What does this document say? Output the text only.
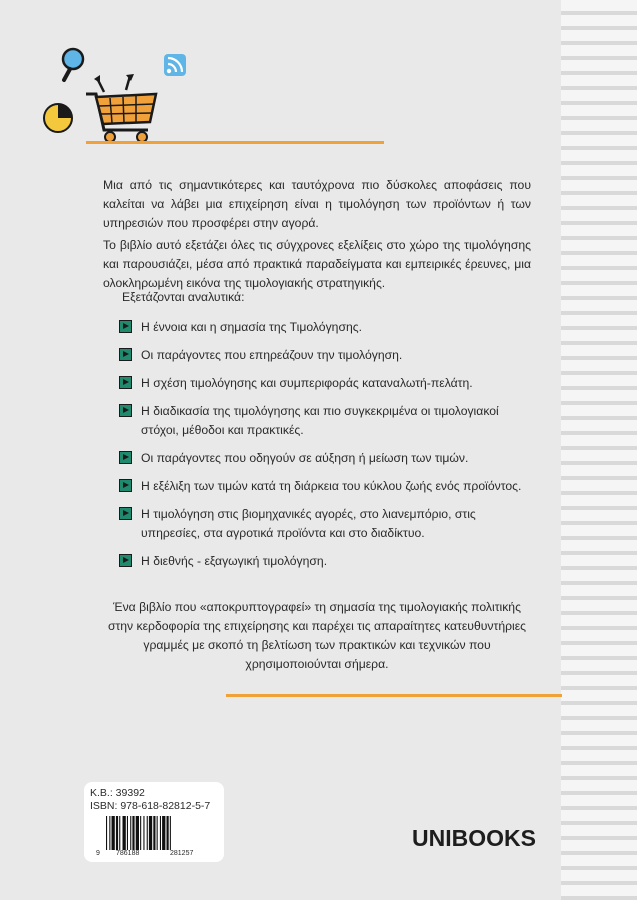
Μια από τις σημαντικότερες και ταυτόχρονα πιο δύσκολες αποφάσεις που καλείται να λάβει μια επιχείρηση είναι η τιμολόγηση των προϊόντων ή των υπηρεσιών που προσφέρει στην αγορά.

Το βιβλίο αυτό εξετάζει όλες τις σύγχρονες εξελίξεις στο χώρο της τιμολόγησης και παρουσιάζει, μέσα από πρακτικά παραδείγματα και εμπειρικές έρευνες, μια ολοκληρωμένη εικόνα της τιμολογιακής στρατηγικής.

Εξετάζονται αναλυτικά:
Η έννοια και η σημασία της Τιμολόγησης.
Οι παράγοντες που επηρεάζουν την τιμολόγηση.
Η σχέση τιμολόγησης και συμπεριφοράς καταναλωτή-πελάτη.
Η διαδικασία της τιμολόγησης και πιο συγκεκριμένα οι τιμολογιακοί στόχοι, μέθοδοι και πρακτικές.
Οι παράγοντες που οδηγούν σε αύξηση ή μείωση των τιμών.
Η εξέλιξη των τιμών κατά τη διάρκεια του κύκλου ζωής ενός προϊόντος.
Η τιμολόγηση στις βιομηχανικές αγορές, στο λιανεμπόριο, στις υπηρεσίες, στα αγροτικά προϊόντα και στο διαδίκτυο.
Η διεθνής - εξαγωγική τιμολόγηση.

Ένα βιβλίο που «αποκρυπτογραφεί» τη σημασία της τιμολογιακής πολιτικής στην κερδοφορία της επιχείρησης και παρέχει τις απαραίτητες κατευθυντήριες γραμμές με σκοπό τη βελτίωση των πρακτικών και τεχνικών που χρησιμοποιούνται σήμερα.

Κ.Β.: 39392
ISBN: 978-618-82812-5-7
9 786188	281257
UNIBOOKS
